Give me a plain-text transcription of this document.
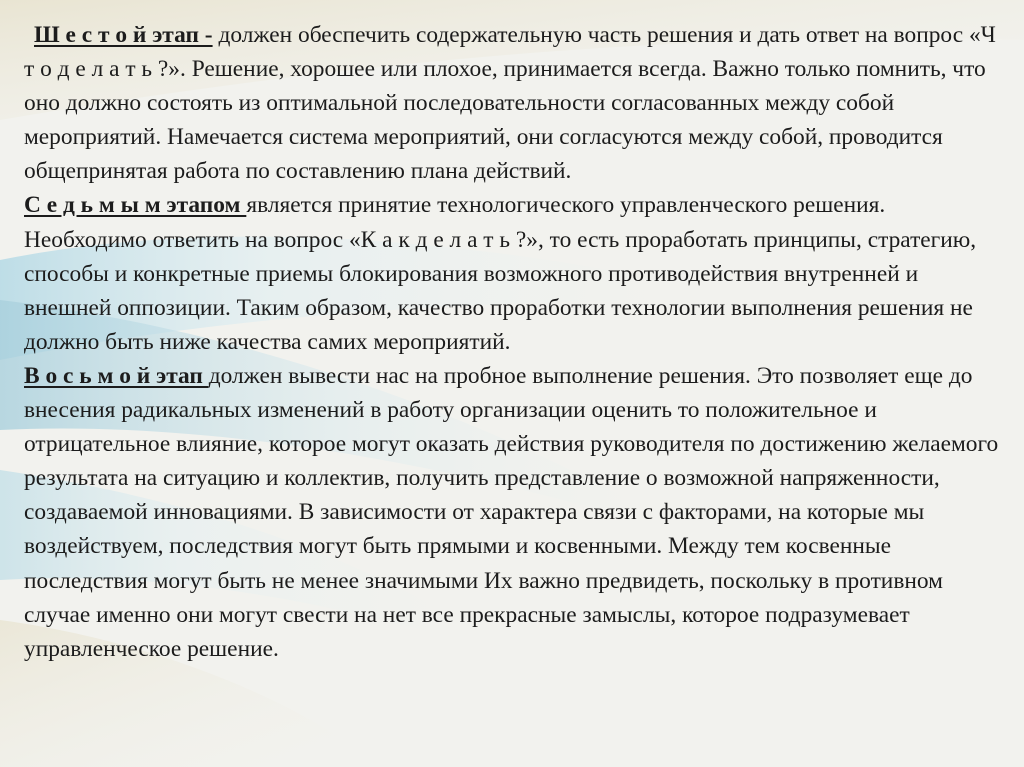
Ш е с т о й этап - должен обеспечить содержательную часть решения и дать ответ на вопрос «Ч т о д е л а т ь ?». Решение, хорошее или плохое, принимается всегда. Важно только помнить, что оно должно состоять из оптимальной последовательности согласованных между собой мероприятий. Намечается система мероприятий, они согласуются между собой, проводится общепринятая работа по составлению плана действий.

С е д ь м ы м этапом является принятие технологического управленческого решения. Необходимо ответить на вопрос «К а к д е л а т ь ?», то есть проработать принципы, стратегию, способы и конкретные приемы блокирования возможного противодействия внутренней и внешней оппозиции. Таким образом, качество проработки технологии выполнения решения не должно быть ниже качества самих мероприятий.

В о с ь м о й этап должен вывести нас на пробное выполнение решения. Это позволяет еще до внесения радикальных изменений в работу организации оценить то положительное и отрицательное влияние, которое могут оказать действия руководителя по достижению желаемого результата на ситуацию и коллектив, получить представление о возможной напряженности, создаваемой инновациями. В зависимости от характера связи с факторами, на которые мы воздействуем, последствия могут быть прямыми и косвенными. Между тем косвенные последствия могут быть не менее значимыми Их важно предвидеть, поскольку в противном случае именно они могут свести на нет все прекрасные замыслы, которое подразумевает управленческое решение.
